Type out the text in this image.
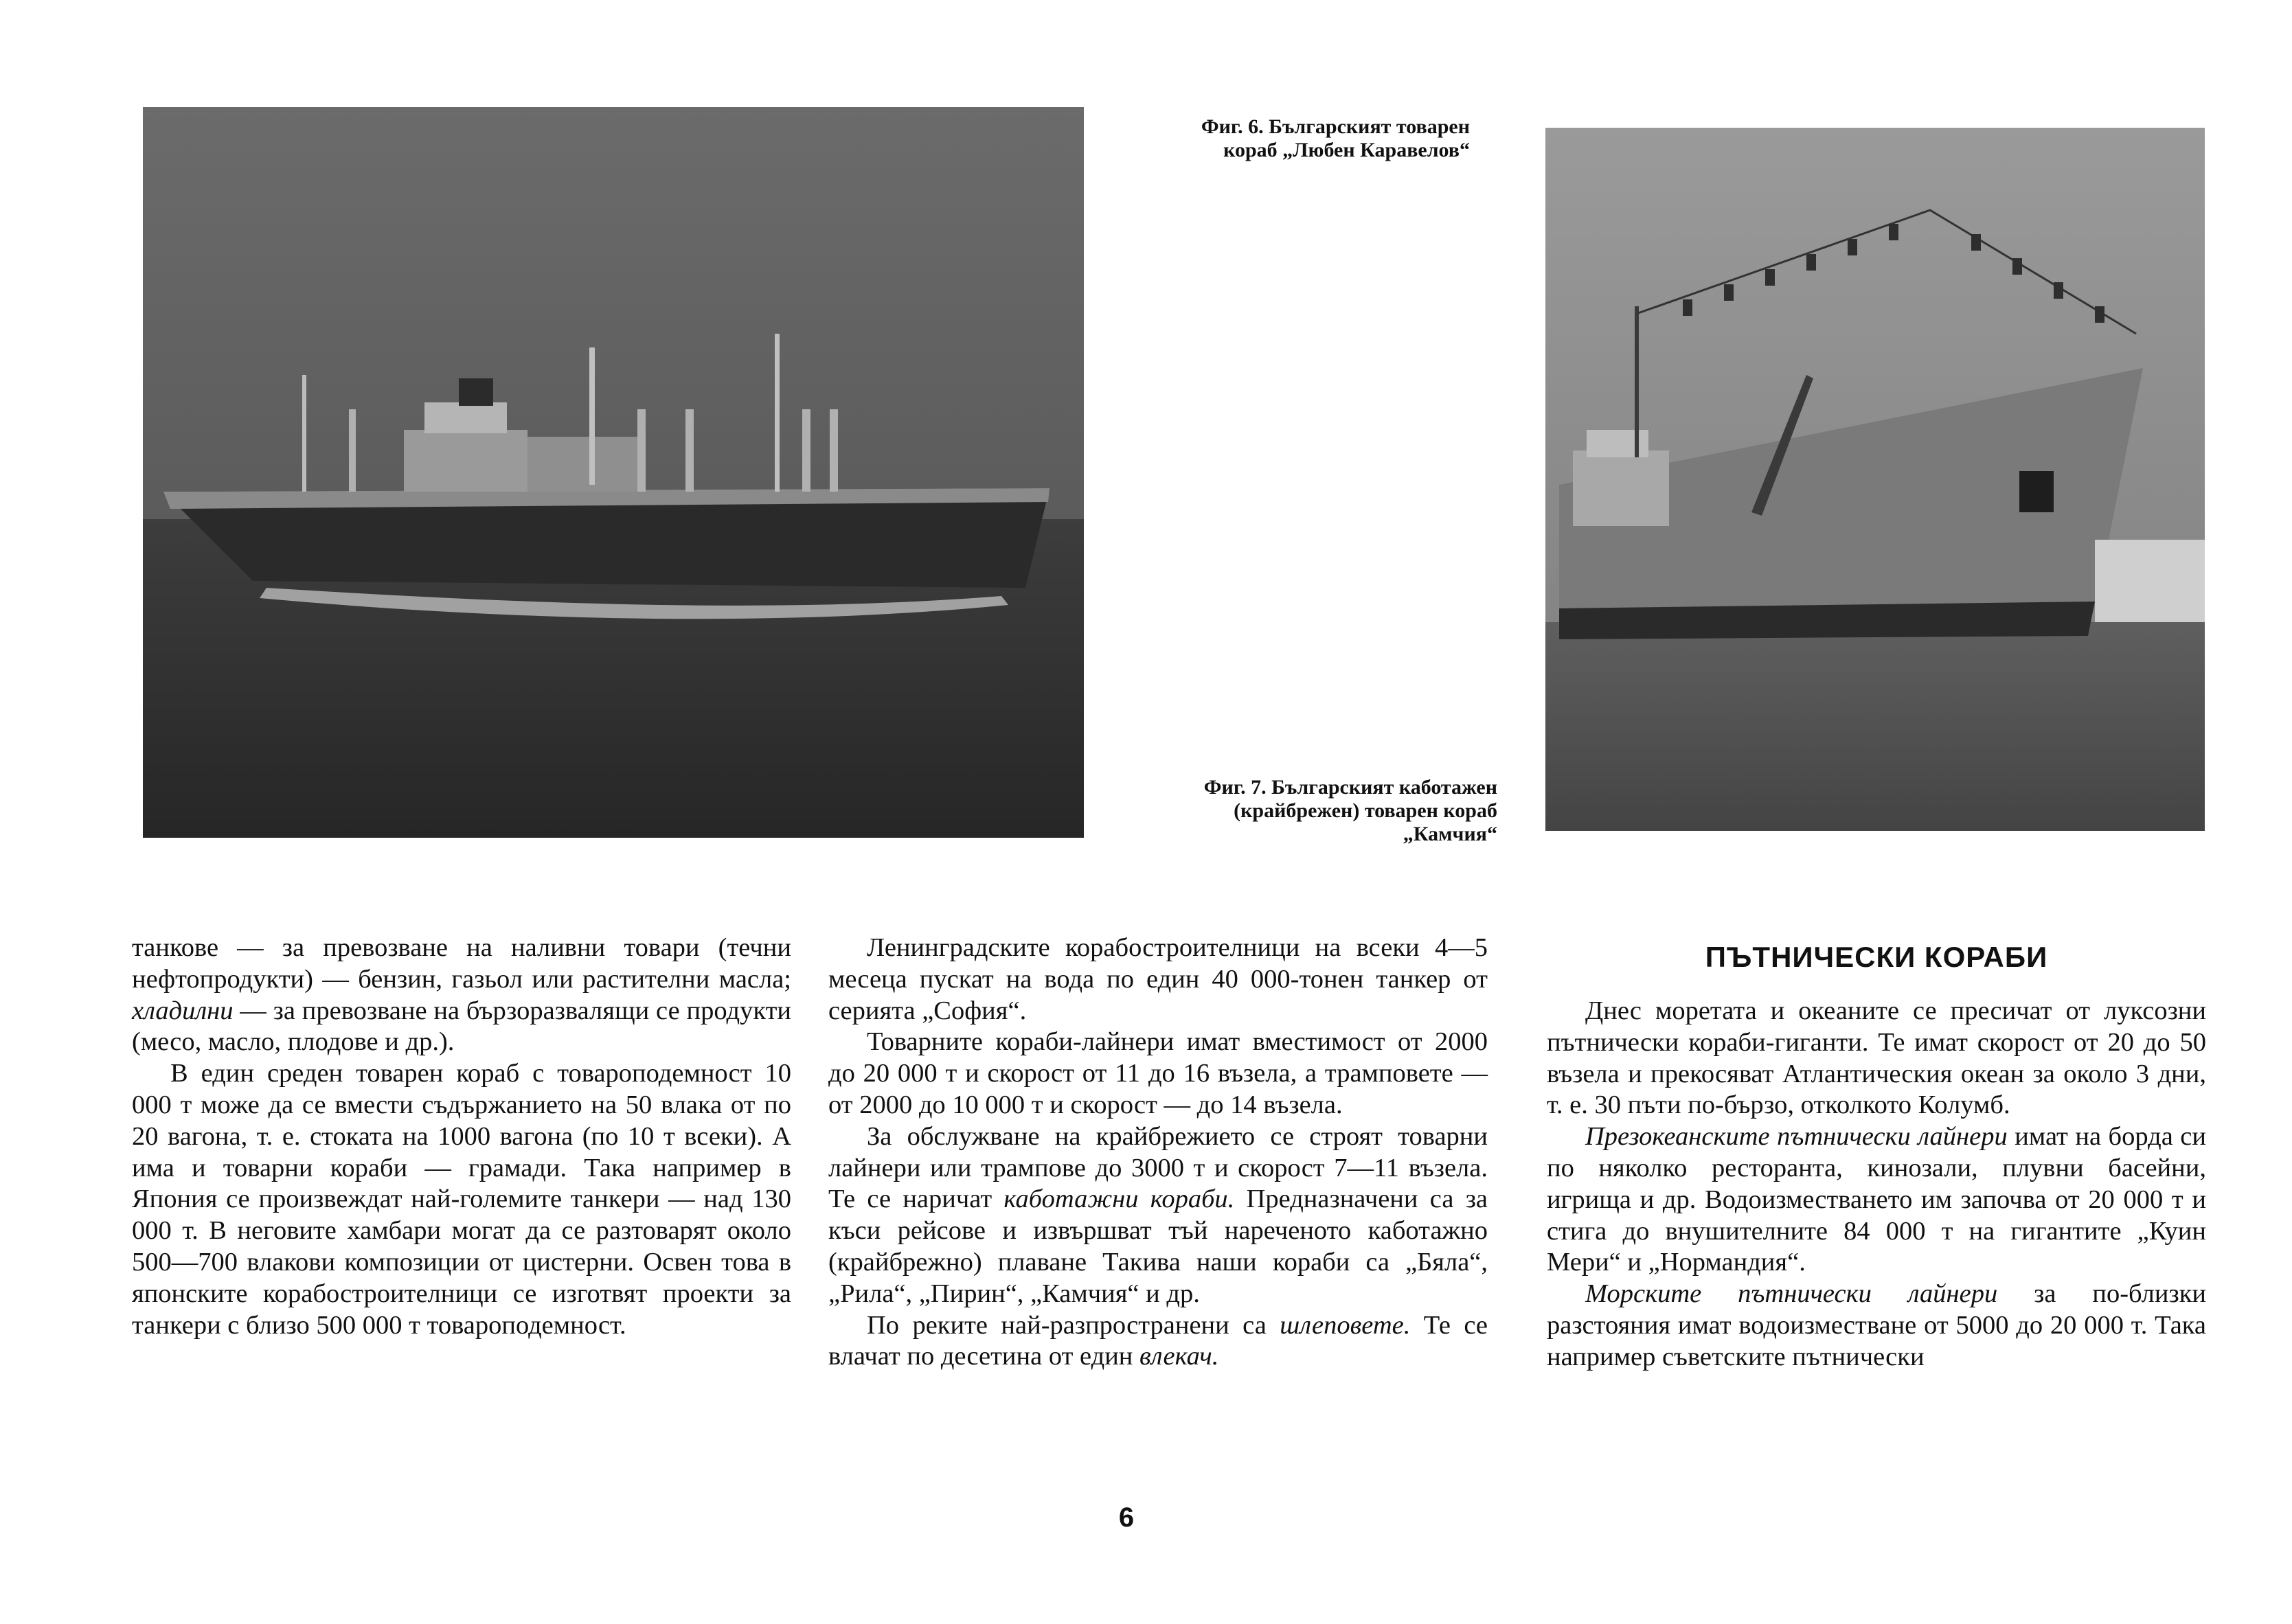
Фиг. 6. Българският товарен
кораб „Любен Каравелов“
Фиг. 7. Българският каботажен
(крайбрежен) товарен кораб
„Камчия“

танкове — за превозване на наливни товари (течни нефтопродукти) — бензин, газьол или растителни масла; хладилни — за превозване на бързоразвалящи се продукти (месо, масло, плодове и др.).

В един среден товарен кораб с товароподемност 10 000 т може да се вмести съдържанието на 50 влака от по 20 вагона, т. е. стоката на 1000 вагона (по 10 т всеки). А има и товарни кораби — грамади. Така например в Япония се произвеждат най-големите танкери — над 130 000 т. В неговите хамбари могат да се разтоварят около 500—700 влакови композиции от цистерни. Освен това в японските корабостроителници се изготвят проекти за танкери с близо 500 000 т товароподемност.

Ленинградските корабостроителници на всеки 4—5 месеца пускат на вода по един 40 000-тонен танкер от серията „София“.

Товарните кораби-лайнери имат вместимост от 2000 до 20 000 т и скорост от 11 до 16 възела, а трамповете — от 2000 до 10 000 т и скорост — до 14 възела.

За обслужване на крайбрежието се строят товарни лайнери или трампове до 3000 т и скорост 7—11 възела. Те се наричат каботажни кораби. Предназначени са за къси рейсове и извършват тъй нареченото каботажно (крайбрежно) плаване Такива наши кораби са „Бяла“, „Рила“, „Пирин“, „Камчия“ и др.

По реките най-разпространени са шлеповете. Те се влачат по десетина от един влекач.

ПЪТНИЧЕСКИ КОРАБИ

Днес моретата и океаните се пресичат от луксозни пътнически кораби-гиганти. Те имат скорост от 20 до 50 възела и прекосяват Атлантическия океан за около 3 дни, т. е. 30 пъти по-бързо, отколкото Колумб.

Презокеанските пътнически лайнери имат на борда си по няколко ресторанта, кинозали, плувни басейни, игрища и др. Водоизместването им започва от 20 000 т и стига до внушителните 84 000 т на гигантите „Куин Мери“ и „Нормандия“.

Морските пътнически лайнери за по-близки разстояния имат водоизместване от 5000 до 20 000 т. Така например съветските пътнически

6
